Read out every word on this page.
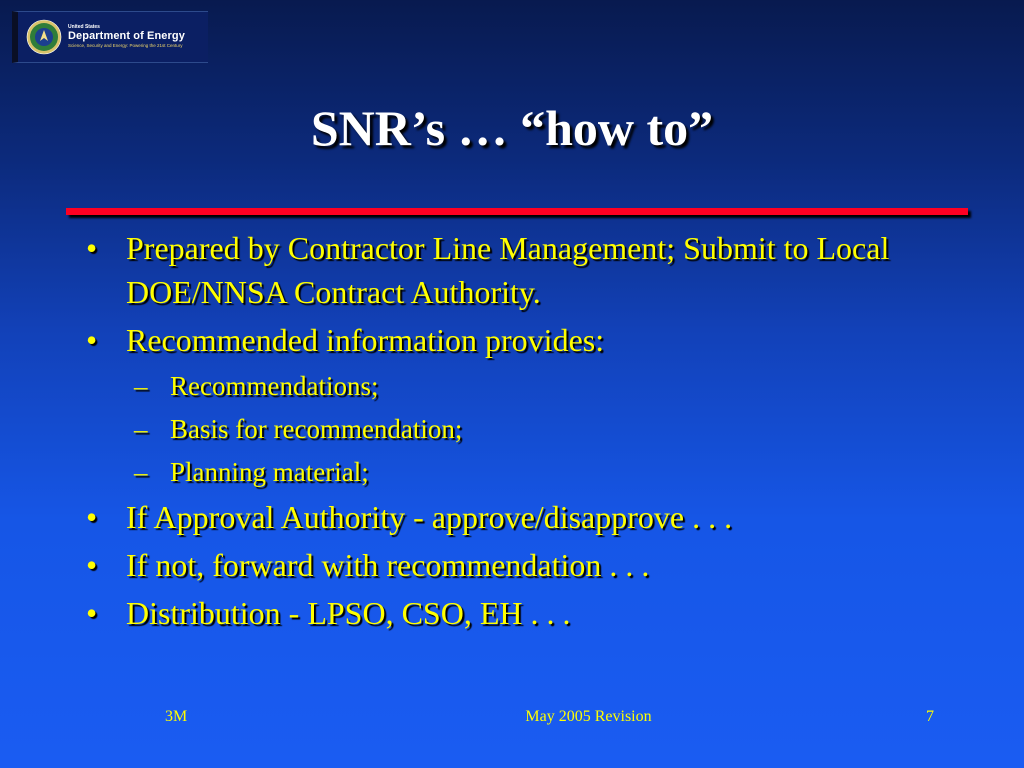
United States
Department of Energy
Science, Security and Energy: Powering the 21st Century
SNR’s … “how to”
• Prepared by Contractor Line Management; Submit to Local DOE/NNSA Contract Authority.
• Recommended information provides:
– Recommendations;
– Basis for recommendation;
– Planning material;
• If Approval Authority - approve/disapprove . . .
• If not, forward with recommendation . . .
• Distribution - LPSO, CSO, EH . . .
3M	May 2005 Revision	7
